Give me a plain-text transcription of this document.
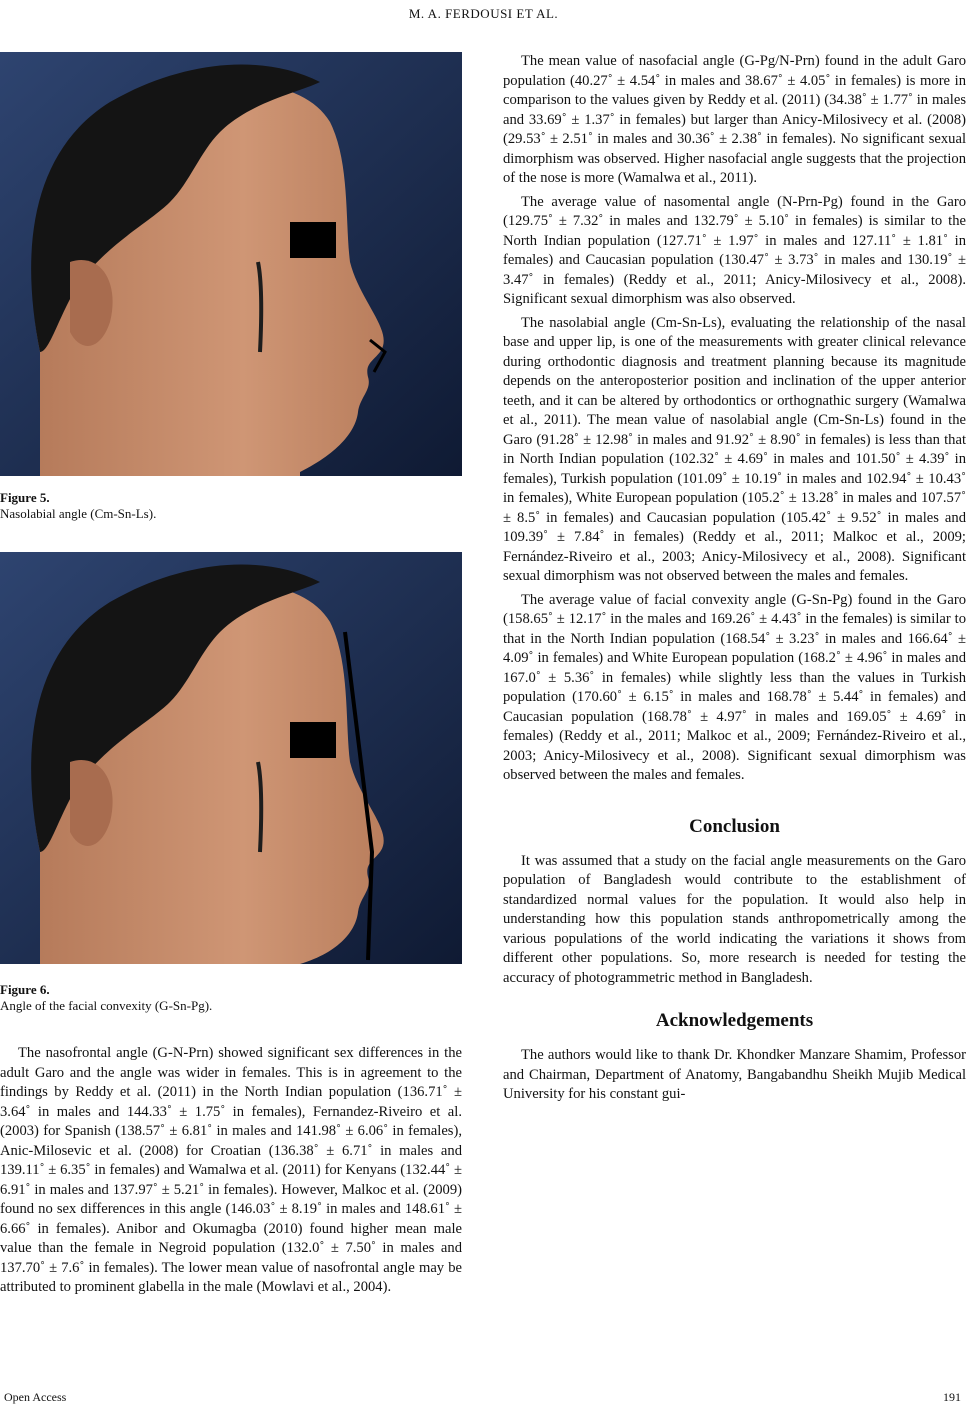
M. A. FERDOUSI ET AL.
Figure 5.
Nasolabial angle (Cm-Sn-Ls).
Figure 6.
Angle of the facial convexity (G-Sn-Pg).

The nasofrontal angle (G-N-Prn) showed significant sex differences in the adult Garo and the angle was wider in females. This is in agreement to the findings by Reddy et al. (2011) in the North Indian population (136.71˚ ± 3.64˚ in males and 144.33˚ ± 1.75˚ in females), Fernandez-Riveiro et al. (2003) for Spanish (138.57˚ ± 6.81˚ in males and 141.98˚ ± 6.06˚ in females), Anic-Milosevic et al. (2008) for Croatian (136.38˚ ± 6.71˚ in males and 139.11˚ ± 6.35˚ in females) and Wamalwa et al. (2011) for Kenyans (132.44˚ ± 6.91˚ in males and 137.97˚ ± 5.21˚ in females). However, Malkoc et al. (2009) found no sex differences in this angle (146.03˚ ± 8.19˚ in males and 148.61˚ ± 6.66˚ in females). Anibor and Okumagba (2010) found higher mean male value than the female in Negroid population (132.0˚ ± 7.50˚ in males and 137.70˚ ± 7.6˚ in females). The lower mean value of nasofrontal angle may be attributed to prominent glabella in the male (Mowlavi et al., 2004).

The mean value of nasofacial angle (G-Pg/N-Prn) found in the adult Garo population (40.27˚ ± 4.54˚ in males and 38.67˚ ± 4.05˚ in females) is more in comparison to the values given by Reddy et al. (2011) (34.38˚ ± 1.77˚ in males and 33.69˚ ± 1.37˚ in females) but larger than Anicy-Milosivecy et al. (2008) (29.53˚ ± 2.51˚ in males and 30.36˚ ± 2.38˚ in females). No significant sexual dimorphism was observed. Higher nasofacial angle suggests that the projection of the nose is more (Wamalwa et al., 2011).

The average value of nasomental angle (N-Prn-Pg) found in the Garo (129.75˚ ± 7.32˚ in males and 132.79˚ ± 5.10˚ in females) is similar to the North Indian population (127.71˚ ± 1.97˚ in males and 127.11˚ ± 1.81˚ in females) and Caucasian population (130.47˚ ± 3.73˚ in males and 130.19˚ ± 3.47˚ in females) (Reddy et al., 2011; Anicy-Milosivecy et al., 2008). Significant sexual dimorphism was also observed.

The nasolabial angle (Cm-Sn-Ls), evaluating the relationship of the nasal base and upper lip, is one of the measurements with greater clinical relevance during orthodontic diagnosis and treatment planning because its magnitude depends on the anteroposterior position and inclination of the upper anterior teeth, and it can be altered by orthodontics or orthognathic surgery (Wamalwa et al., 2011). The mean value of nasolabial angle (Cm-Sn-Ls) found in the Garo (91.28˚ ± 12.98˚ in males and 91.92˚ ± 8.90˚ in females) is less than that in North Indian population (102.32˚ ± 4.69˚ in males and 101.50˚ ± 4.39˚ in females), Turkish population (101.09˚ ± 10.19˚ in males and 102.94˚ ± 10.43˚ in females), White European population (105.2˚ ± 13.28˚ in males and 107.57˚ ± 8.5˚ in females) and Caucasian population (105.42˚ ± 9.52˚ in males and 109.39˚ ± 7.84˚ in females) (Reddy et al., 2011; Malkoc et al., 2009; Fernández-Riveiro et al., 2003; Anicy-Milosivecy et al., 2008). Significant sexual dimorphism was not observed between the males and females.

The average value of facial convexity angle (G-Sn-Pg) found in the Garo (158.65˚ ± 12.17˚ in the males and 169.26˚ ± 4.43˚ in the females) is similar to that in the North Indian population (168.54˚ ± 3.23˚ in males and 166.64˚ ± 4.09˚ in females) and White European population (168.2˚ ± 4.96˚ in males and 167.0˚ ± 5.36˚ in females) while slightly less than the values in Turkish population (170.60˚ ± 6.15˚ in males and 168.78˚ ± 5.44˚ in females) and Caucasian population (168.78˚ ± 4.97˚ in males and 169.05˚ ± 4.69˚ in females) (Reddy et al., 2011; Malkoc et al., 2009; Fernández-Riveiro et al., 2003; Anicy-Milosivecy et al., 2008). Significant sexual dimorphism was observed between the males and females.

Conclusion

It was assumed that a study on the facial angle measurements on the Garo population of Bangladesh would contribute to the establishment of standardized normal values for the population. It would also help in understanding how this population stands anthropometrically among the various populations of the world indicating the variations it shows from different other populations. So, more research is needed for testing the accuracy of photogrammetric method in Bangladesh.

Acknowledgements

The authors would like to thank Dr. Khondker Manzare Shamim, Professor and Chairman, Department of Anatomy, Bangabandhu Sheikh Mujib Medical University for his constant gui-

Open Access	191
